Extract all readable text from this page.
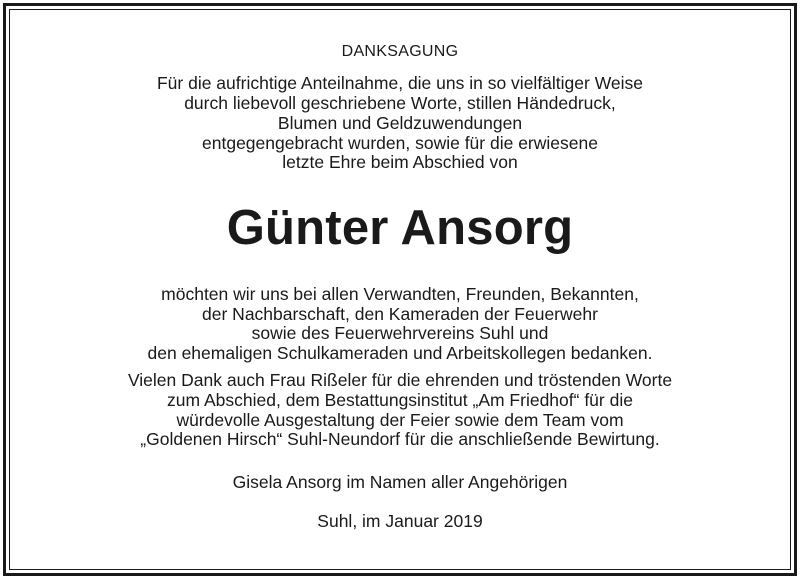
DANKSAGUNG
Für die aufrichtige Anteilnahme, die uns in so vielfältiger Weise
durch liebevoll geschriebene Worte, stillen Händedruck,
Blumen und Geldzuwendungen
entgegengebracht wurden, sowie für die erwiesene
letzte Ehre beim Abschied von
Günter Ansorg
möchten wir uns bei allen Verwandten, Freunden, Bekannten,
der Nachbarschaft, den Kameraden der Feuerwehr
sowie des Feuerwehrvereins Suhl und
den ehemaligen Schulkameraden und Arbeitskollegen bedanken.
Vielen Dank auch Frau Rißeler für die ehrenden und tröstenden Worte
zum Abschied, dem Bestattungsinstitut „Am Friedhof“ für die
würdevolle Ausgestaltung der Feier sowie dem Team vom
„Goldenen Hirsch“ Suhl-Neundorf für die anschließende Bewirtung.
Gisela Ansorg im Namen aller Angehörigen
Suhl, im Januar 2019
